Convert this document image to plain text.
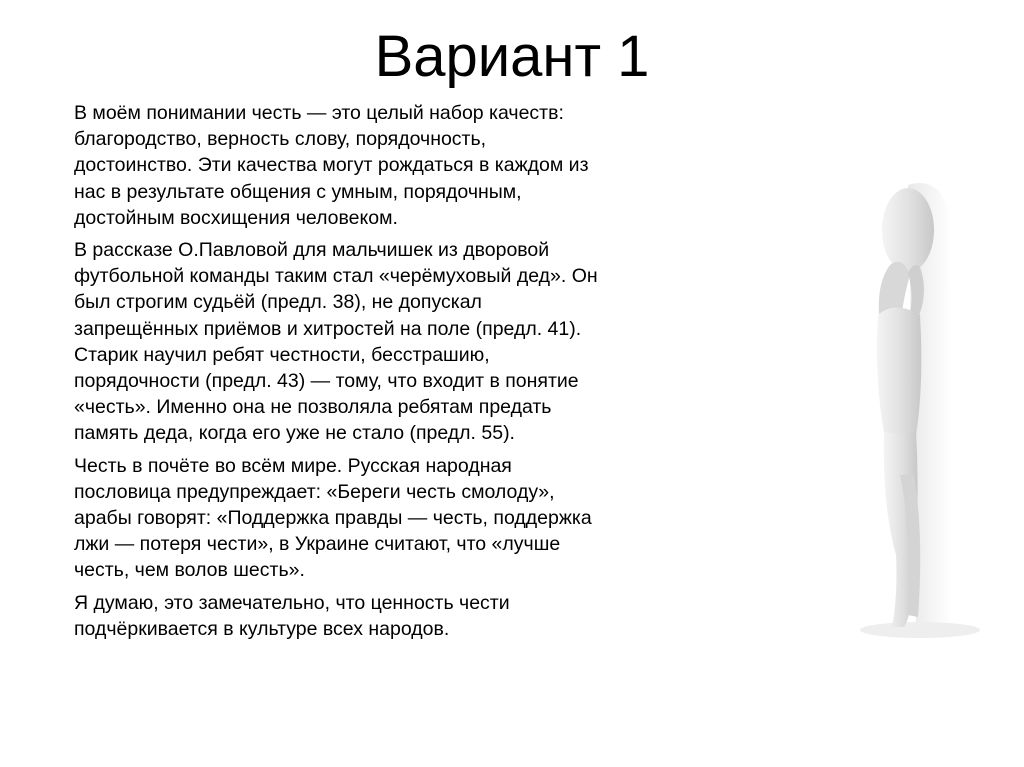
Вариант 1

В моём понимании честь — это целый набор качеств:
благородство, верность слову, порядочность,
достоинство. Эти качества могут рождаться в каждом из
нас в результате общения с умным, порядочным,
достойным восхищения человеком.

В рассказе О.Павловой для мальчишек из дворовой
футбольной команды таким стал «черёмуховый дед». Он
был строгим судьёй (предл. 38), не допускал
запрещённых приёмов и хитростей на поле (предл. 41).
Старик научил ребят честности, бесстрашию,
порядочности (предл. 43) — тому, что входит в понятие
«честь». Именно она не позволяла ребятам предать
память деда, когда его уже не стало (предл. 55).

Честь в почёте во всём мире. Русская народная
пословица предупреждает: «Береги честь смолоду»,
арабы говорят: «Поддержка правды — честь, поддержка
лжи — потеря чести», в Украине считают, что «лучше
честь, чем волов шесть».

Я думаю, это замечательно, что ценность чести
подчёркивается в культуре всех народов.
